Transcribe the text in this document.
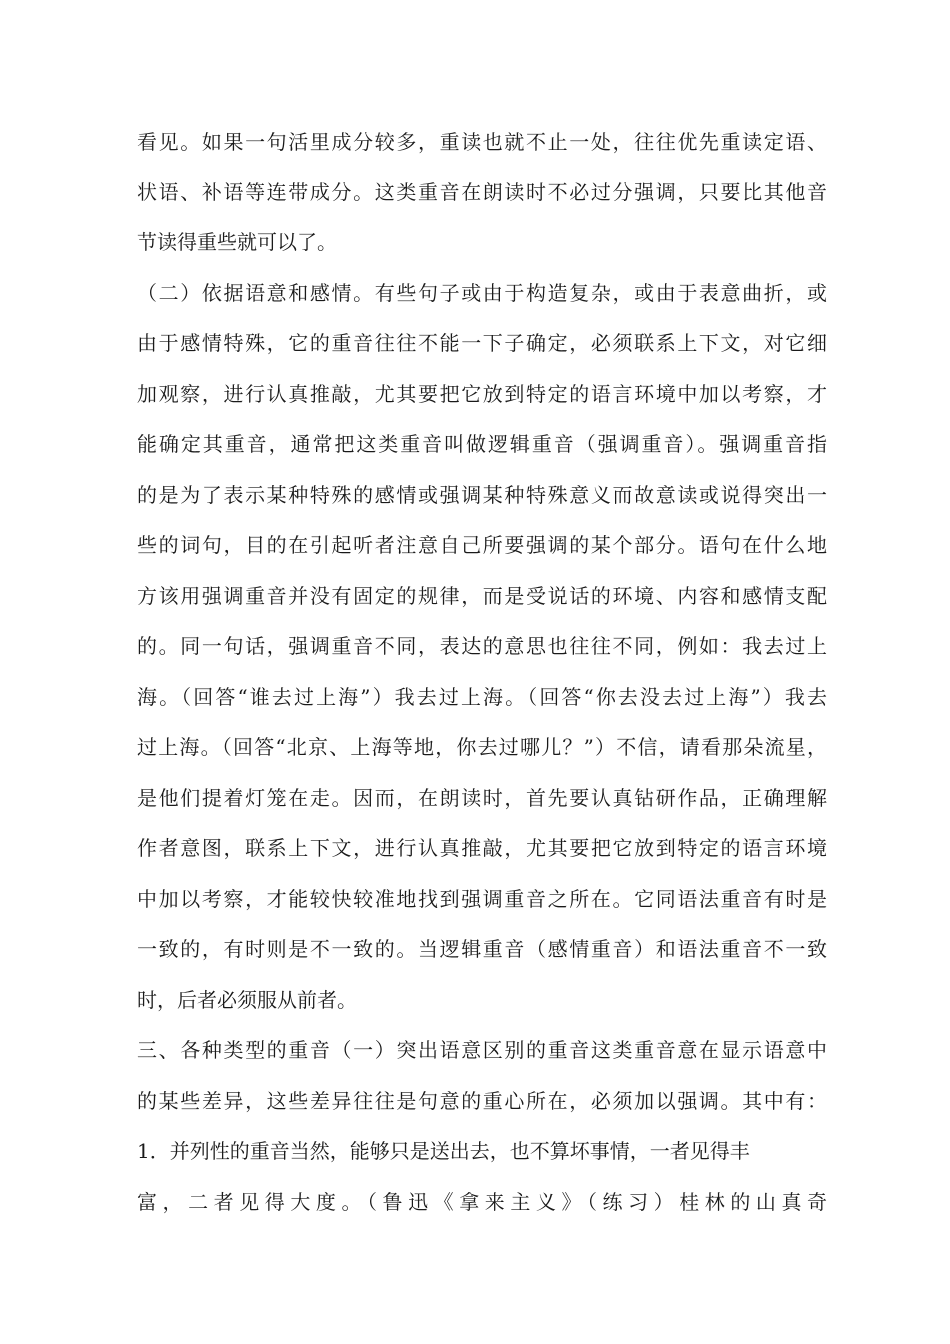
看见。如果一句活里成分较多，重读也就不止一处，往往优先重读定语、
状语、补语等连带成分。这类重音在朗读时不必过分强调，只要比其他音
节读得重些就可以了。
（二）依据语意和感情。有些句子或由于构造复杂，或由于表意曲折，或
由于感情特殊，它的重音往往不能一下子确定，必须联系上下文，对它细
加观察，进行认真推敲，尤其要把它放到特定的语言环境中加以考察，才
能确定其重音，通常把这类重音叫做逻辑重音（强调重音）。强调重音指
的是为了表示某种特殊的感情或强调某种特殊意义而故意读或说得突出一
些的词句，目的在引起听者注意自己所要强调的某个部分。语句在什么地
方该用强调重音并没有固定的规律，而是受说话的环境、内容和感情支配
的。同一句话，强调重音不同，表达的意思也往往不同，例如：我去过上
海。（回答“谁去过上海”）我去过上海。（回答“你去没去过上海”）我去
过上海。（回答“北京、上海等地，你去过哪儿？”）不信，请看那朵流星，
是他们提着灯笼在走。因而，在朗读时，首先要认真钻研作品，正确理解
作者意图，联系上下文，进行认真推敲，尤其要把它放到特定的语言环境
中加以考察，才能较快较准地找到强调重音之所在。它同语法重音有时是
一致的，有时则是不一致的。当逻辑重音（感情重音）和语法重音不一致
时，后者必须服从前者。
三、各种类型的重音（一）突出语意区别的重音这类重音意在显示语意中
的某些差异，这些差异往往是句意的重心所在，必须加以强调。其中有：
1．并列性的重音当然，能够只是送出去，也不算坏事情，一者见得丰
富，二者见得大度。（鲁迅《拿来主义》（练习）桂林的山真奇
